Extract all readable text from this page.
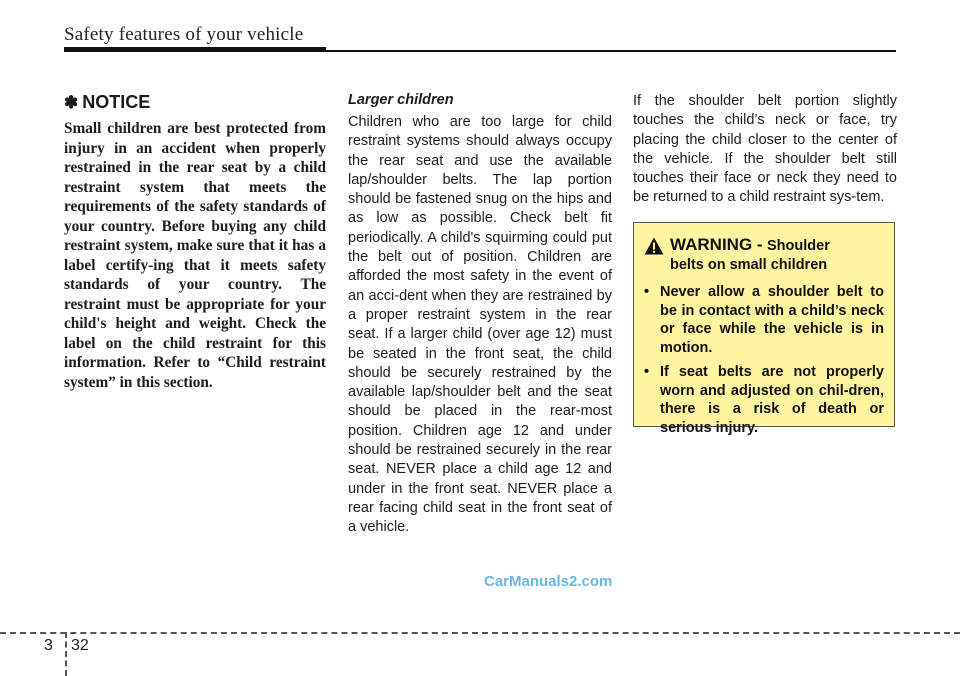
Safety features of your vehicle
✽ NOTICE

Small children are best protected from injury in an accident when properly restrained in the rear seat by a child restraint system that meets the requirements of the safety standards of your country. Before buying any child restraint system, make sure that it has a label certify-ing that it meets safety standards of your country. The restraint must be appropriate for your child's height and weight. Check the label on the child restraint for this information. Refer to “Child restraint system” in this section.

Larger children

Children who are too large for child restraint systems should always occupy the rear seat and use the available lap/shoulder belts. The lap portion should be fastened snug on the hips and as low as possible. Check belt fit periodically. A child's squirming could put the belt out of position. Children are afforded the most safety in the event of an acci-dent when they are restrained by a proper restraint system in the rear seat. If a larger child (over age 12) must be seated in the front seat, the child should be securely restrained by the available lap/shoulder belt and the seat should be placed in the rear-most position. Children age 12 and under should be restrained securely in the rear seat. NEVER place a child age 12 and under in the front seat. NEVER place a rear facing child seat in the front seat of a vehicle.

If the shoulder belt portion slightly touches the child’s neck or face, try placing the child closer to the center of the vehicle. If the shoulder belt still touches their face or neck they need to be returned to a child restraint sys-tem.

WARNING - Shoulder
belts on small children
• Never allow a shoulder belt to be in contact with a child’s neck or face while the vehicle is in motion.
• If seat belts are not properly worn and adjusted on chil-dren, there is a risk of death or serious injury.
CarManuals2.com
3 32
